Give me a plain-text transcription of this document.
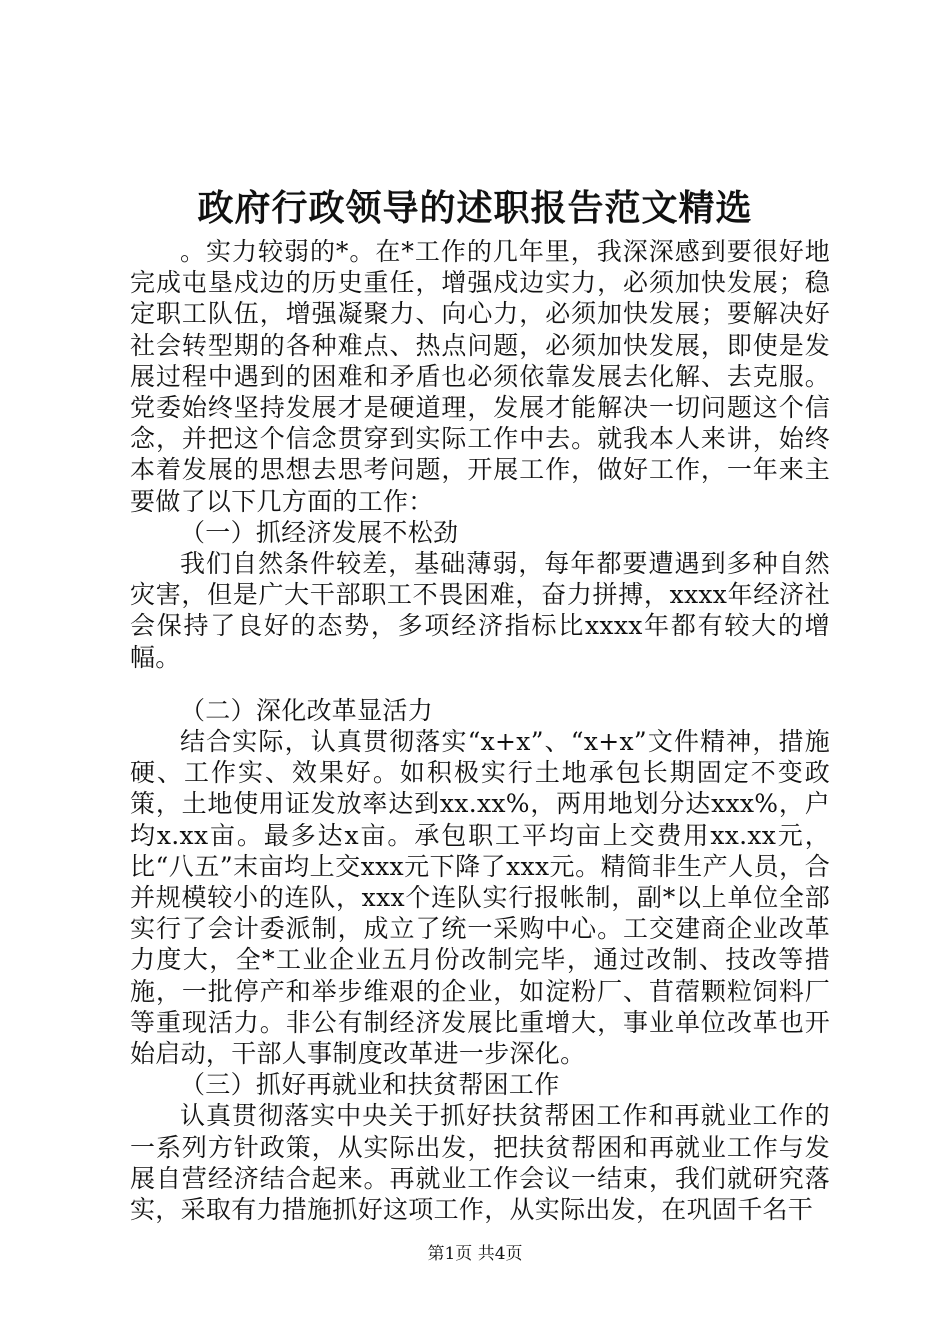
政府行政领导的述职报告范文精选

。实力较弱的*。在*工作的几年里，我深深感到要很好地完成屯垦戍边的历史重任，增强戍边实力，必须加快发展；稳定职工队伍，增强凝聚力、向心力，必须加快发展；要解决好社会转型期的各种难点、热点问题，必须加快发展，即使是发展过程中遇到的困难和矛盾也必须依靠发展去化解、去克服。党委始终坚持发展才是硬道理，发展才能解决一切问题这个信念，并把这个信念贯穿到实际工作中去。就我本人来讲，始终本着发展的思想去思考问题，开展工作，做好工作，一年来主要做了以下几方面的工作：

（一）抓经济发展不松劲

我们自然条件较差，基础薄弱，每年都要遭遇到多种自然灾害，但是广大干部职工不畏困难，奋力拼搏，xxxx年经济社会保持了良好的态势，多项经济指标比xxxx年都有较大的增幅。

（二）深化改革显活力

结合实际，认真贯彻落实“x+x”、“x+x”文件精神，措施硬、工作实、效果好。如积极实行土地承包长期固定不变政策，土地使用证发放率达到xx.xx%，两用地划分达xxx%，户均x.xx亩。最多达x亩。承包职工平均亩上交费用xx.xx元，比“八五”末亩均上交xxx元下降了xxx元。精简非生产人员，合并规模较小的连队，xxx个连队实行报帐制，副*以上单位全部实行了会计委派制，成立了统一采购中心。工交建商企业改革力度大，全*工业企业五月份改制完毕，通过改制、技改等措施，一批停产和举步维艰的企业，如淀粉厂、苜蓿颗粒饲料厂等重现活力。非公有制经济发展比重增大，事业单位改革也开始启动，干部人事制度改革进一步深化。

（三）抓好再就业和扶贫帮困工作

认真贯彻落实中央关于抓好扶贫帮困工作和再就业工作的一系列方针政策，从实际出发，把扶贫帮困和再就业工作与发展自营经济结合起来。再就业工作会议一结束，我们就研究落实，采取有力措施抓好这项工作，从实际出发，在巩固千名干

第1页 共4页
